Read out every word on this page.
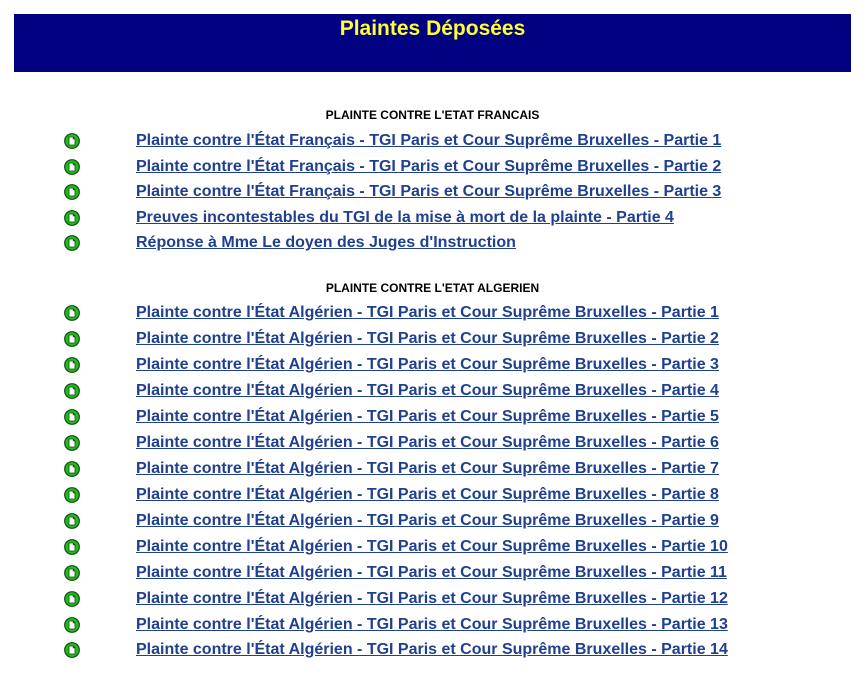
Plaintes Déposées
PLAINTE CONTRE L'ETAT FRANCAIS
Plainte contre l'État Français - TGI Paris et Cour Suprême Bruxelles - Partie 1
Plainte contre l'État Français - TGI Paris et Cour Suprême Bruxelles - Partie 2
Plainte contre l'État Français - TGI Paris et Cour Suprême Bruxelles - Partie 3
Preuves incontestables du TGI de la mise à mort de la plainte - Partie 4
Réponse à Mme Le doyen des Juges d'Instruction
PLAINTE CONTRE L'ETAT ALGERIEN
Plainte contre l'État Algérien - TGI Paris et Cour Suprême Bruxelles - Partie 1
Plainte contre l'État Algérien - TGI Paris et Cour Suprême Bruxelles - Partie 2
Plainte contre l'État Algérien - TGI Paris et Cour Suprême Bruxelles - Partie 3
Plainte contre l'État Algérien - TGI Paris et Cour Suprême Bruxelles - Partie 4
Plainte contre l'État Algérien - TGI Paris et Cour Suprême Bruxelles - Partie 5
Plainte contre l'État Algérien - TGI Paris et Cour Suprême Bruxelles - Partie 6
Plainte contre l'État Algérien - TGI Paris et Cour Suprême Bruxelles - Partie 7
Plainte contre l'État Algérien - TGI Paris et Cour Suprême Bruxelles - Partie 8
Plainte contre l'État Algérien - TGI Paris et Cour Suprême Bruxelles - Partie 9
Plainte contre l'État Algérien - TGI Paris et Cour Suprême Bruxelles - Partie 10
Plainte contre l'État Algérien - TGI Paris et Cour Suprême Bruxelles - Partie 11
Plainte contre l'État Algérien - TGI Paris et Cour Suprême Bruxelles - Partie 12
Plainte contre l'État Algérien - TGI Paris et Cour Suprême Bruxelles - Partie 13
Plainte contre l'État Algérien - TGI Paris et Cour Suprême Bruxelles - Partie 14
